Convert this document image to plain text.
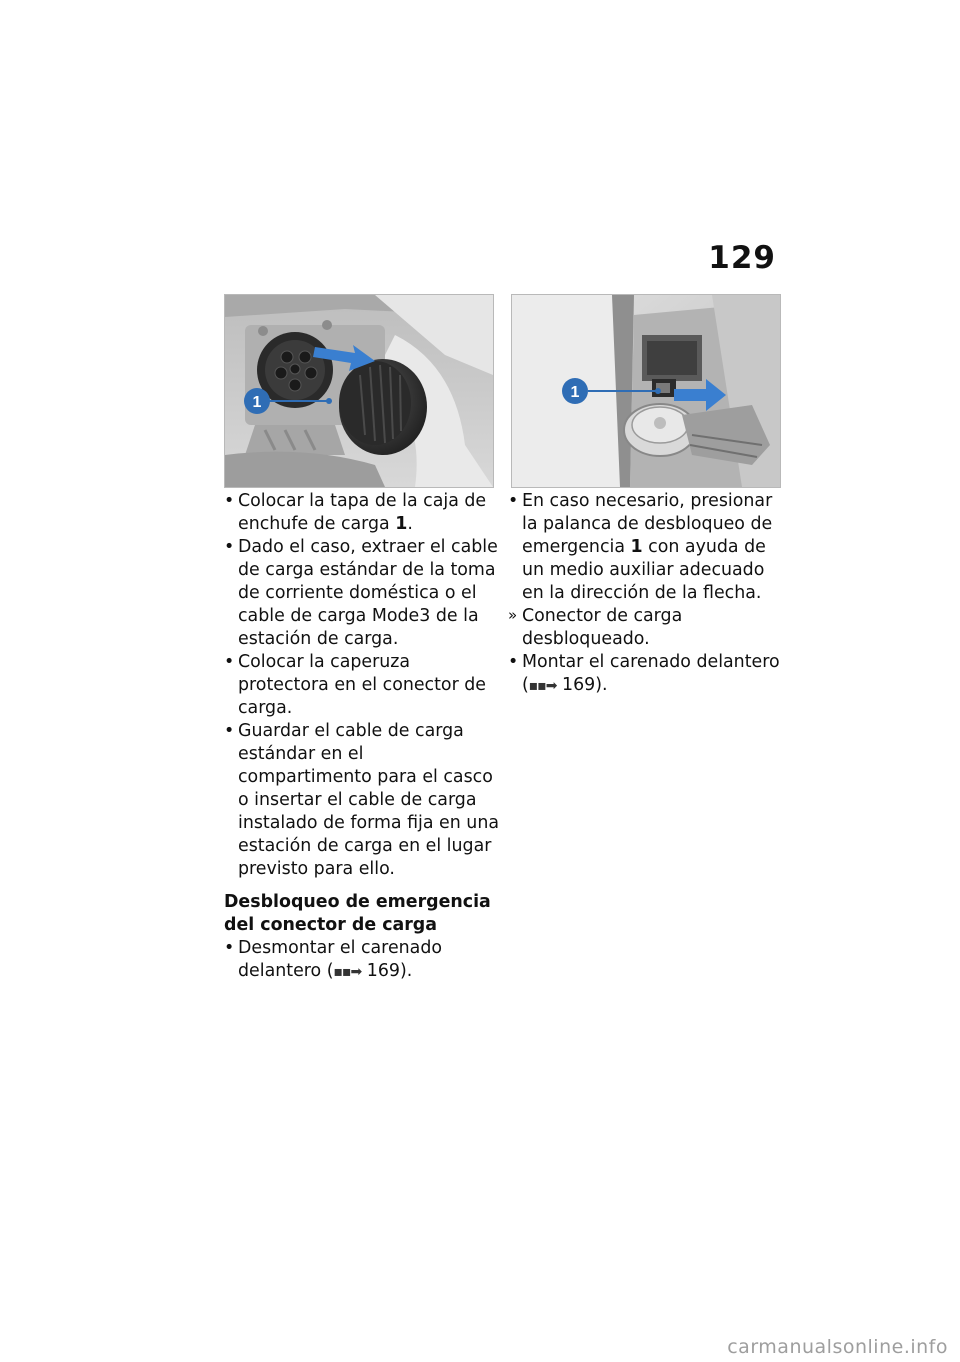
129
1
1

• Colocar la tapa de la caja de enchufe de carga 1.

• Dado el caso, extraer el cable de carga estándar de la toma de corriente doméstica o el cable de carga Mode3 de la estación de carga.

• Colocar la caperuza protectora en el conector de carga.

• Guardar el cable de carga estándar en el compartimento para el casco o insertar el cable de carga instalado de forma fija en una estación de carga en el lugar previsto para ello.

Desbloqueo de emergencia del conector de carga

• Desmontar el carenado delantero (▪▪➡ 169).

• En caso necesario, presionar la palanca de desbloqueo de emergencia 1 con ayuda de un medio auxiliar adecuado en la dirección de la flecha.

» Conector de carga desbloqueado.

• Montar el carenado delantero (▪▪➡ 169).

carmanualsonline.info
